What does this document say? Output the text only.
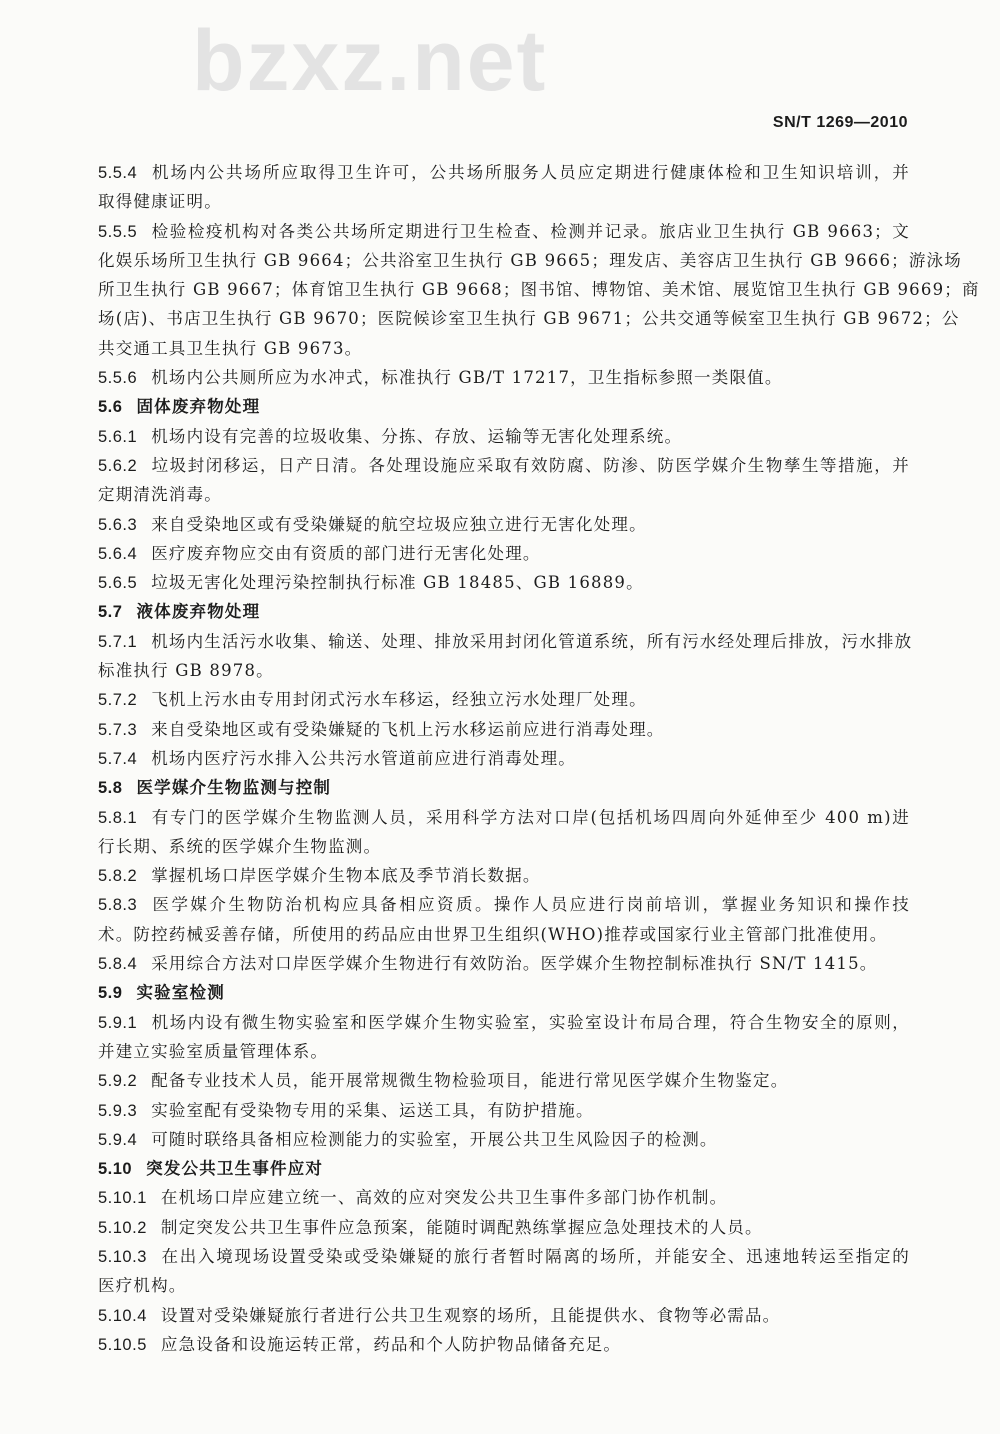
bzxz.net
SN/T 1269—2010
5.5.4 机场内公共场所应取得卫生许可，公共场所服务人员应定期进行健康体检和卫生知识培训，并
取得健康证明。
5.5.5 检验检疫机构对各类公共场所定期进行卫生检查、检测并记录。旅店业卫生执行 GB 9663；文
化娱乐场所卫生执行 GB 9664；公共浴室卫生执行 GB 9665；理发店、美容店卫生执行 GB 9666；游泳场
所卫生执行 GB 9667；体育馆卫生执行 GB 9668；图书馆、博物馆、美术馆、展览馆卫生执行 GB 9669；商
场(店)、书店卫生执行 GB 9670；医院候诊室卫生执行 GB 9671；公共交通等候室卫生执行 GB 9672；公
共交通工具卫生执行 GB 9673。
5.5.6 机场内公共厕所应为水冲式，标准执行 GB/T 17217，卫生指标参照一类限值。
5.6 固体废弃物处理
5.6.1 机场内设有完善的垃圾收集、分拣、存放、运输等无害化处理系统。
5.6.2 垃圾封闭移运，日产日清。各处理设施应采取有效防腐、防渗、防医学媒介生物孳生等措施，并
定期清洗消毒。
5.6.3 来自受染地区或有受染嫌疑的航空垃圾应独立进行无害化处理。
5.6.4 医疗废弃物应交由有资质的部门进行无害化处理。
5.6.5 垃圾无害化处理污染控制执行标准 GB 18485、GB 16889。
5.7 液体废弃物处理
5.7.1 机场内生活污水收集、输送、处理、排放采用封闭化管道系统，所有污水经处理后排放，污水排放
标准执行 GB 8978。
5.7.2 飞机上污水由专用封闭式污水车移运，经独立污水处理厂处理。
5.7.3 来自受染地区或有受染嫌疑的飞机上污水移运前应进行消毒处理。
5.7.4 机场内医疗污水排入公共污水管道前应进行消毒处理。
5.8 医学媒介生物监测与控制
5.8.1 有专门的医学媒介生物监测人员，采用科学方法对口岸(包括机场四周向外延伸至少 400 m)进
行长期、系统的医学媒介生物监测。
5.8.2 掌握机场口岸医学媒介生物本底及季节消长数据。
5.8.3 医学媒介生物防治机构应具备相应资质。操作人员应进行岗前培训，掌握业务知识和操作技
术。防控药械妥善存储，所使用的药品应由世界卫生组织(WHO)推荐或国家行业主管部门批准使用。
5.8.4 采用综合方法对口岸医学媒介生物进行有效防治。医学媒介生物控制标准执行 SN/T 1415。
5.9 实验室检测
5.9.1 机场内设有微生物实验室和医学媒介生物实验室，实验室设计布局合理，符合生物安全的原则，
并建立实验室质量管理体系。
5.9.2 配备专业技术人员，能开展常规微生物检验项目，能进行常见医学媒介生物鉴定。
5.9.3 实验室配有受染物专用的采集、运送工具，有防护措施。
5.9.4 可随时联络具备相应检测能力的实验室，开展公共卫生风险因子的检测。
5.10 突发公共卫生事件应对
5.10.1 在机场口岸应建立统一、高效的应对突发公共卫生事件多部门协作机制。
5.10.2 制定突发公共卫生事件应急预案，能随时调配熟练掌握应急处理技术的人员。
5.10.3 在出入境现场设置受染或受染嫌疑的旅行者暂时隔离的场所，并能安全、迅速地转运至指定的
医疗机构。
5.10.4 设置对受染嫌疑旅行者进行公共卫生观察的场所，且能提供水、食物等必需品。
5.10.5 应急设备和设施运转正常，药品和个人防护物品储备充足。
